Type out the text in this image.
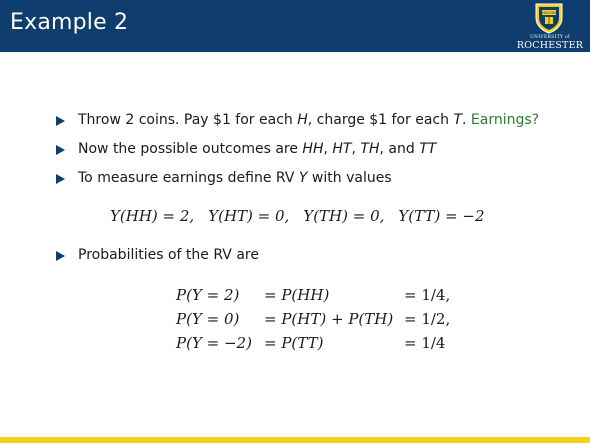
Example 2	MELIORA
UNIVERSITY of
ROCHESTER
Throw 2 coins. Pay $1 for each H, charge $1 for each T. Earnings?
Now the possible outcomes are HH, HT, TH, and TT
To measure earnings define RV Y with values
Probabilities of the RV are
Y(HH) = 2, Y(HT) = 0, Y(TH) = 0, Y(TT) = −2
P(Y = 2) = P(HH)	= 1/4,
P(Y = 0) = P(HT) + P(TH) = 1/2,
P(Y = −2) = P(TT)	= 1/4
